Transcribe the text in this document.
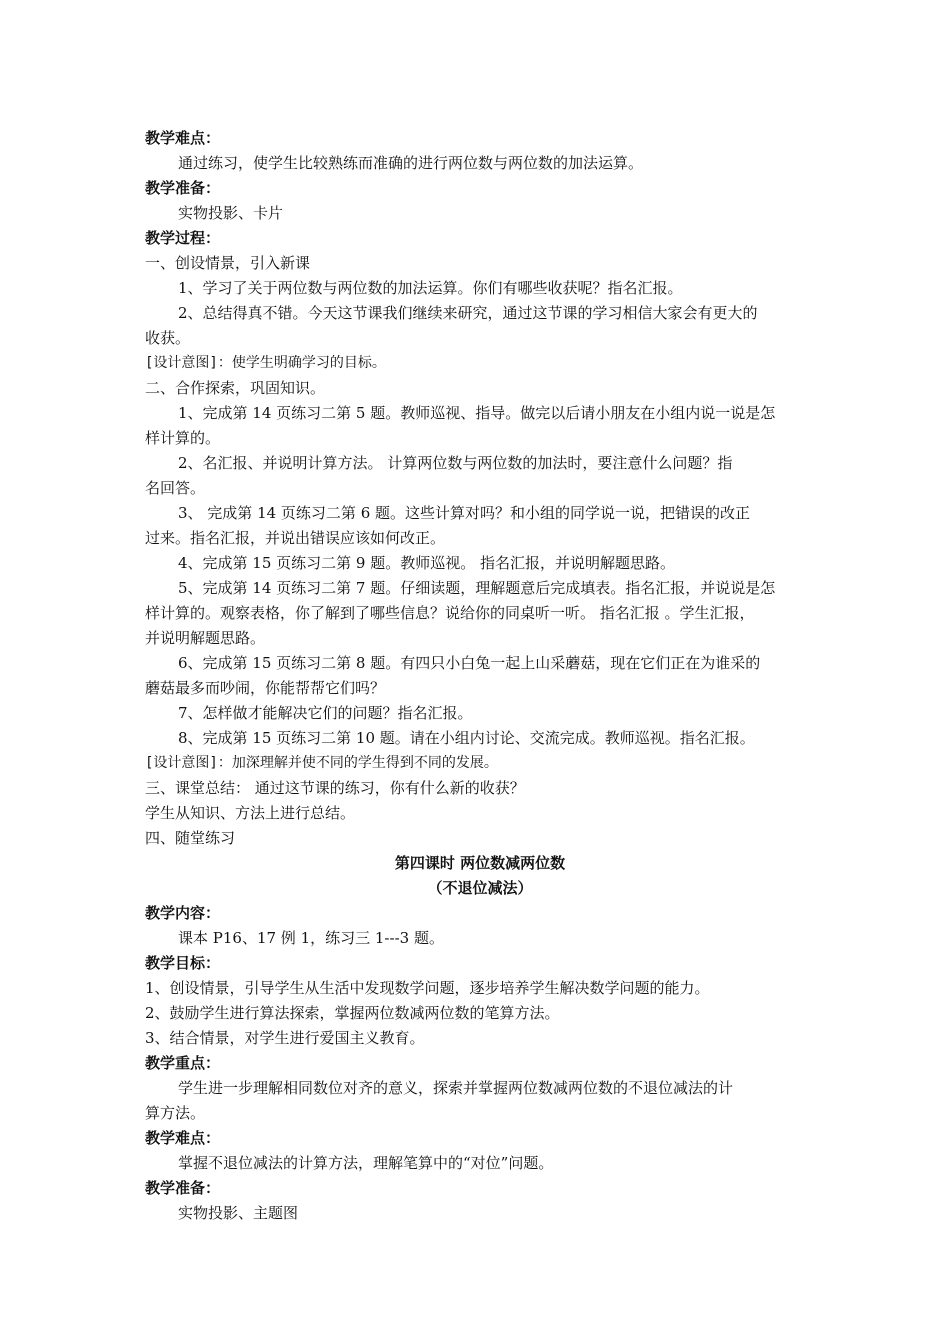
教学难点：
通过练习，使学生比较熟练而准确的进行两位数与两位数的加法运算。
教学准备：
实物投影、卡片
教学过程：
一、创设情景，引入新课
1、学习了关于两位数与两位数的加法运算。你们有哪些收获呢？指名汇报。
2、总结得真不错。今天这节课我们继续来研究，通过这节课的学习相信大家会有更大的
收获。
[设计意图]：使学生明确学习的目标。
二、合作探索，巩固知识。
1、完成第 14 页练习二第 5 题。教师巡视、指导。做完以后请小朋友在小组内说一说是怎
样计算的。
2、名汇报、并说明计算方法。 计算两位数与两位数的加法时，要注意什么问题？指
名回答。
3、 完成第 14 页练习二第 6 题。这些计算对吗？和小组的同学说一说，把错误的改正
过来。指名汇报，并说出错误应该如何改正。
4、完成第 15 页练习二第 9 题。教师巡视。 指名汇报，并说明解题思路。
5、完成第 14 页练习二第 7 题。仔细读题，理解题意后完成填表。指名汇报，并说说是怎
样计算的。观察表格，你了解到了哪些信息？说给你的同桌听一听。 指名汇报 。学生汇报，
并说明解题思路。
6、完成第 15 页练习二第 8 题。有四只小白兔一起上山采蘑菇，现在它们正在为谁采的
蘑菇最多而吵闹，你能帮帮它们吗？
7、怎样做才能解决它们的问题？指名汇报。
8、完成第 15 页练习二第 10 题。请在小组内讨论、交流完成。教师巡视。指名汇报。
[设计意图]：加深理解并使不同的学生得到不同的发展。
三、课堂总结： 通过这节课的练习，你有什么新的收获？
学生从知识、方法上进行总结。
四、随堂练习
第四课时 两位数减两位数
（不退位减法）
教学内容：
课本 P16、17 例 1，练习三 1---3 题。
教学目标：
1、创设情景，引导学生从生活中发现数学问题，逐步培养学生解决数学问题的能力。
2、鼓励学生进行算法探索，掌握两位数减两位数的笔算方法。
3、结合情景，对学生进行爱国主义教育。
教学重点：
学生进一步理解相同数位对齐的意义，探索并掌握两位数减两位数的不退位减法的计
算方法。
教学难点：
掌握不退位减法的计算方法，理解笔算中的“对位”问题。
教学准备：
实物投影、主题图
